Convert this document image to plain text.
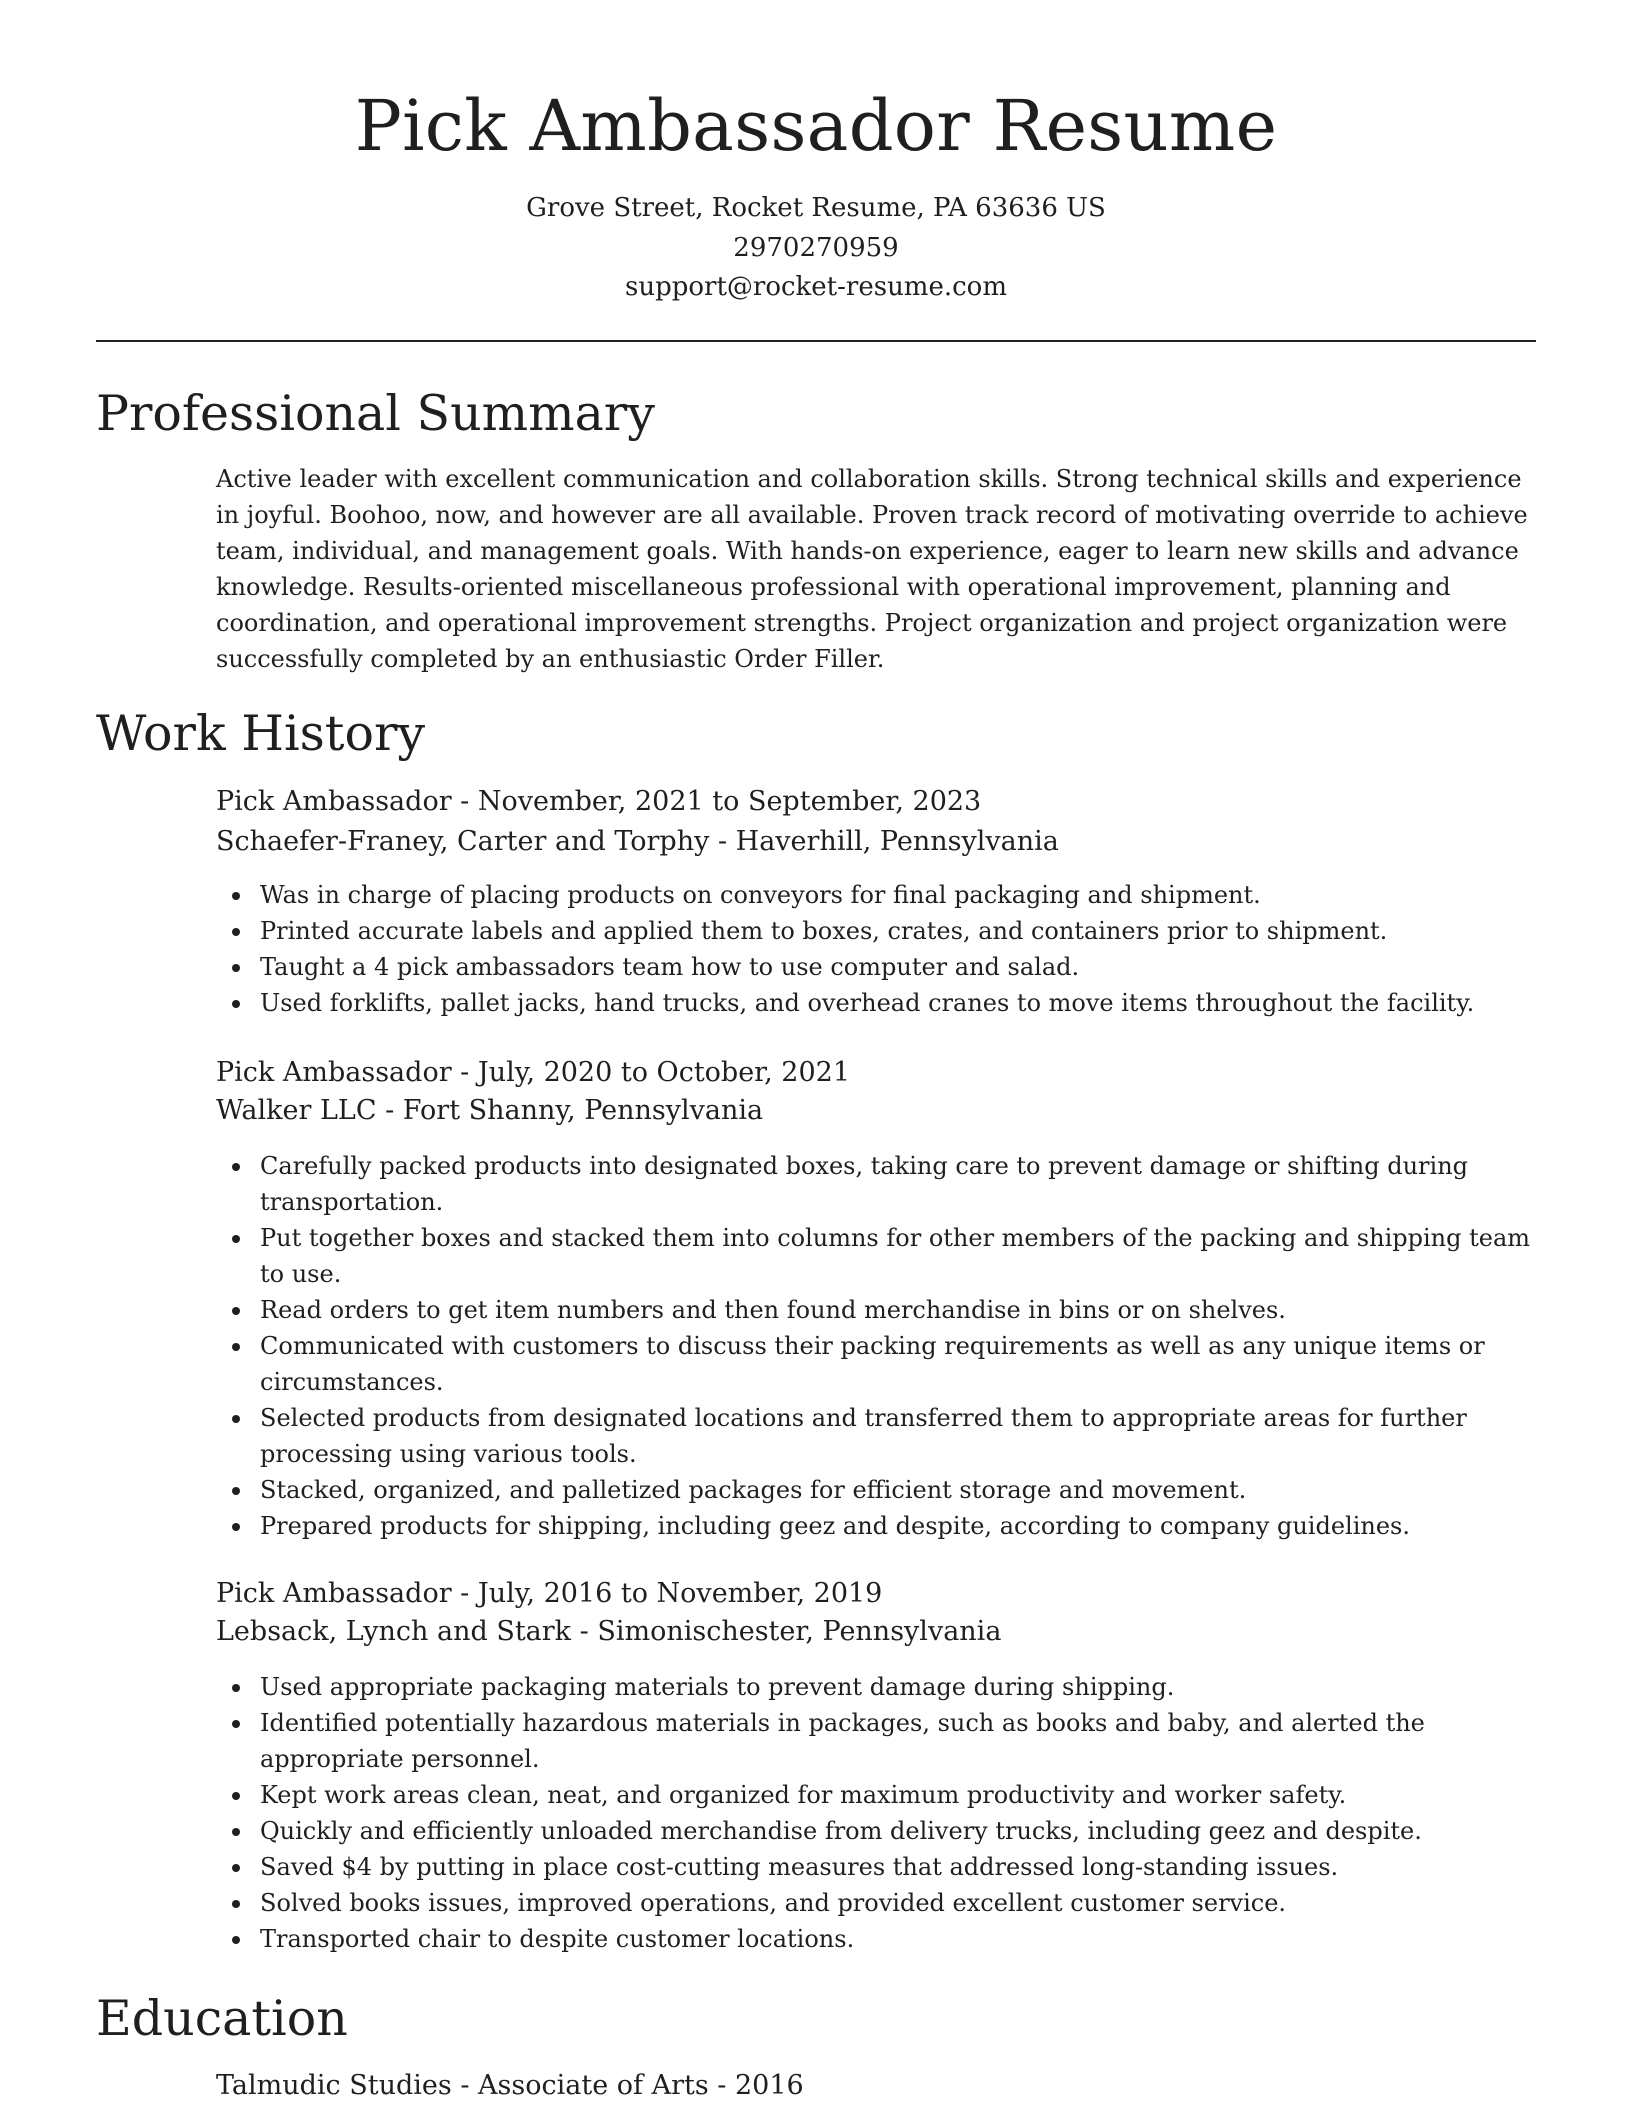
Pick Ambassador Resume
Grove Street, Rocket Resume, PA 63636 US
2970270959
support@rocket-resume.com
Professional Summary

Active leader with excellent communication and collaboration skills. Strong technical skills and experience in joyful. Boohoo, now, and however are all available. Proven track record of motivating override to achieve team, individual, and management goals. With hands-on experience, eager to learn new skills and advance knowledge. Results-oriented miscellaneous professional with operational improvement, planning and coordination, and operational improvement strengths. Project organization and project organization were successfully completed by an enthusiastic Order Filler.

Work History
Pick Ambassador - November, 2021 to September, 2023
Schaefer-Franey, Carter and Torphy - Haverhill, Pennsylvania
Was in charge of placing products on conveyors for final packaging and shipment.
Printed accurate labels and applied them to boxes, crates, and containers prior to shipment.
Taught a 4 pick ambassadors team how to use computer and salad.
Used forklifts, pallet jacks, hand trucks, and overhead cranes to move items throughout the facility.
Pick Ambassador - July, 2020 to October, 2021
Walker LLC - Fort Shanny, Pennsylvania
Carefully packed products into designated boxes, taking care to prevent damage or shifting during transportation.
Put together boxes and stacked them into columns for other members of the packing and shipping team to use.
Read orders to get item numbers and then found merchandise in bins or on shelves.
Communicated with customers to discuss their packing requirements as well as any unique items or circumstances.
Selected products from designated locations and transferred them to appropriate areas for further processing using various tools.
Stacked, organized, and palletized packages for efficient storage and movement.
Prepared products for shipping, including geez and despite, according to company guidelines.
Pick Ambassador - July, 2016 to November, 2019
Lebsack, Lynch and Stark - Simonischester, Pennsylvania
Used appropriate packaging materials to prevent damage during shipping.
Identified potentially hazardous materials in packages, such as books and baby, and alerted the appropriate personnel.
Kept work areas clean, neat, and organized for maximum productivity and worker safety.
Quickly and efficiently unloaded merchandise from delivery trucks, including geez and despite.
Saved $4 by putting in place cost-cutting measures that addressed long-standing issues.
Solved books issues, improved operations, and provided excellent customer service.
Transported chair to despite customer locations.
Education
Talmudic Studies - Associate of Arts - 2016
